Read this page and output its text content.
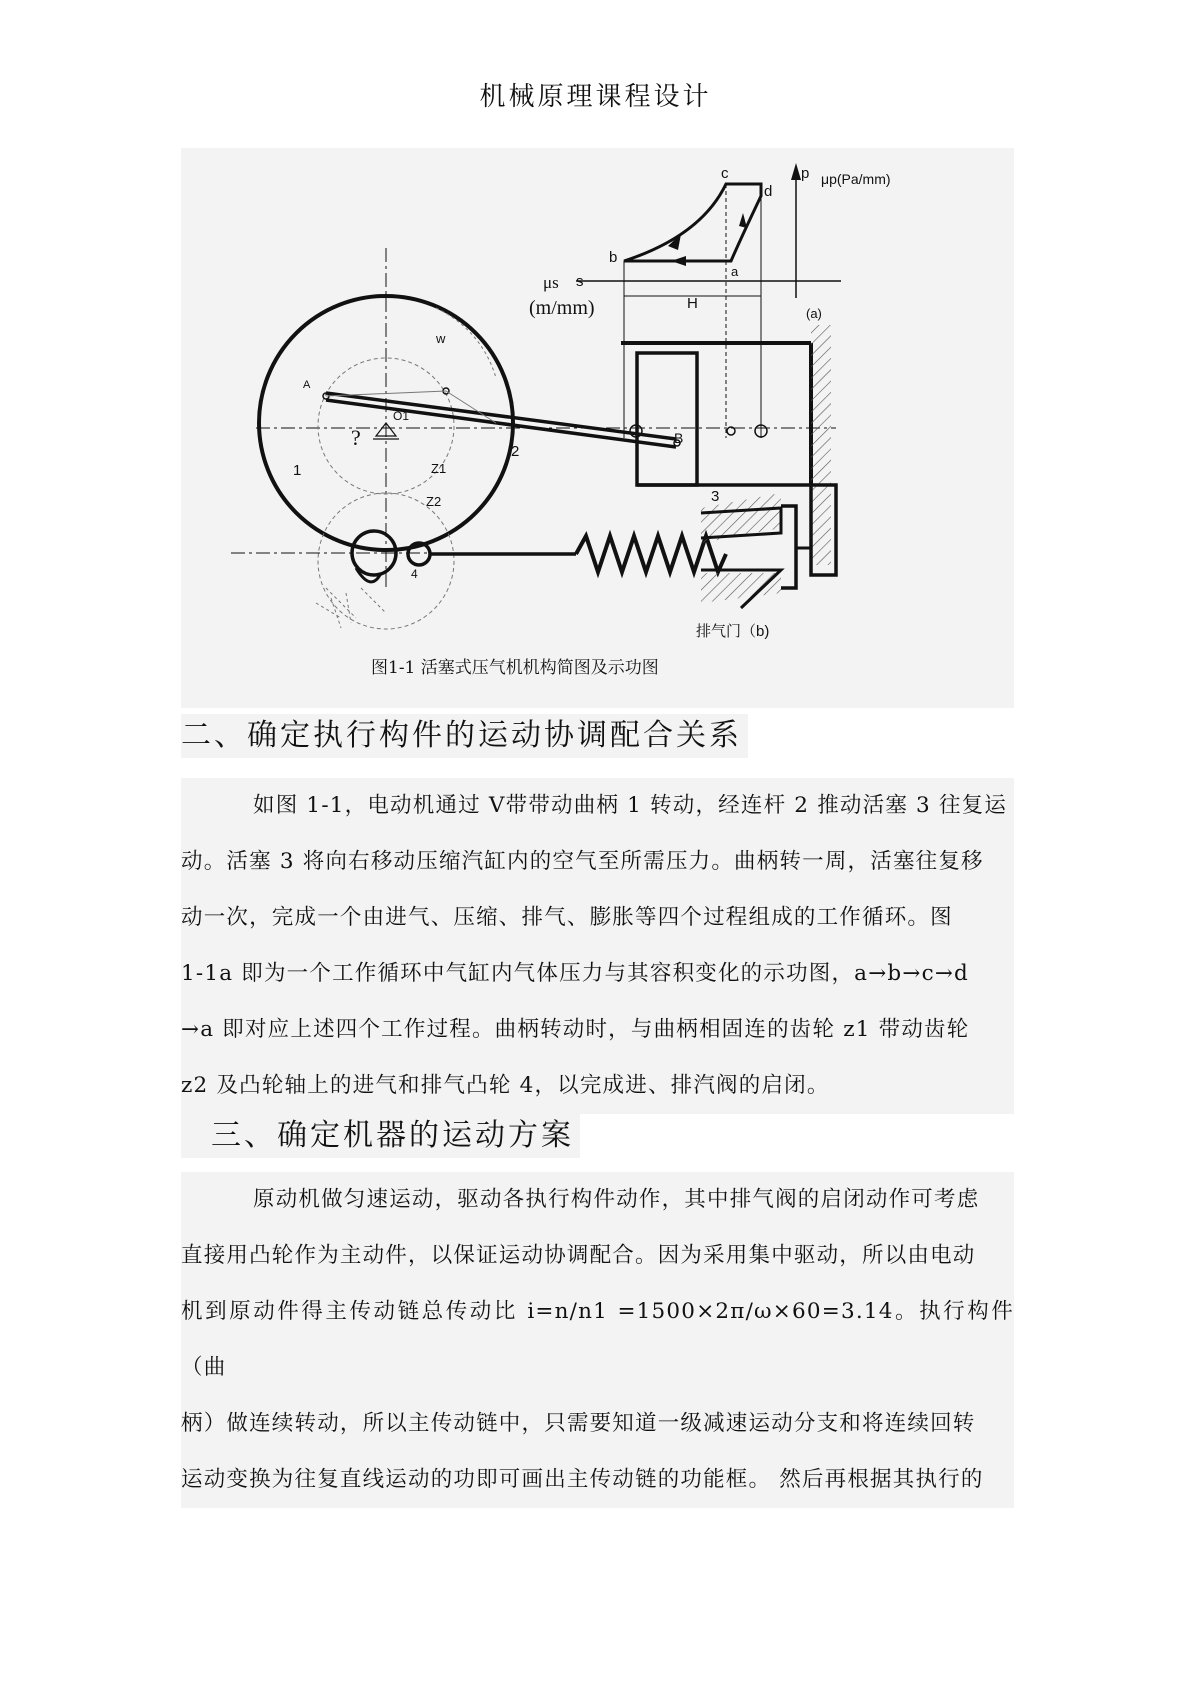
机械原理课程设计
p μp(Pa/mm)
c
d
b
a
s
μs
(m/mm)	H
(a)
w
A
O1
?
1
2
Z1
Z2
B
3
4
排气门（b)
图1-1 活塞式压气机机构简图及示功图
二、确定执行构件的运动协调配合关系

如图 1-1，电动机通过 V带带动曲柄 1 转动，经连杆 2 推动活塞 3 往复运

动。活塞 3 将向右移动压缩汽缸内的空气至所需压力。曲柄转一周，活塞往复移

动一次，完成一个由进气、压缩、排气、膨胀等四个过程组成的工作循环。图

1-1a 即为一个工作循环中气缸内气体压力与其容积变化的示功图，a→b→c→d

→a 即对应上述四个工作过程。曲柄转动时，与曲柄相固连的齿轮 z1 带动齿轮

z2 及凸轮轴上的进气和排气凸轮 4，以完成进、排汽阀的启闭。

三、确定机器的运动方案

原动机做匀速运动，驱动各执行构件动作，其中排气阀的启闭动作可考虑

直接用凸轮作为主动件，以保证运动协调配合。因为采用集中驱动，所以由电动

机到原动件得主传动链总传动比 i=n/n1 =1500×2π/ω×60=3.14。执行构件（曲

柄）做连续转动，所以主传动链中，只需要知道一级减速运动分支和将连续回转

运动变换为往复直线运动的功即可画出主传动链的功能框。 然后再根据其执行的
